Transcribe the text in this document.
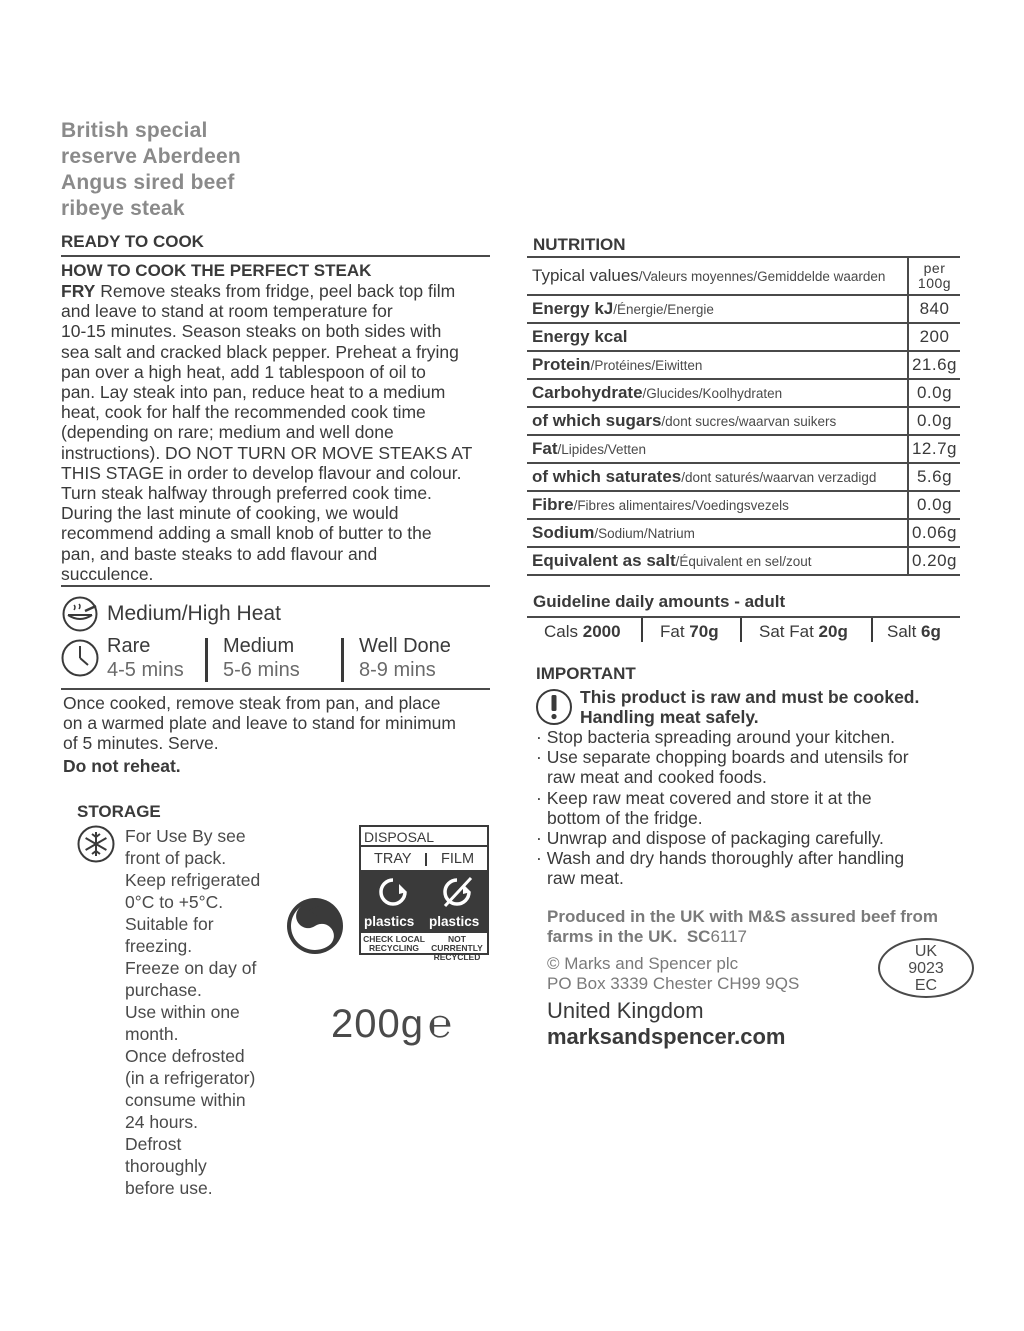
British special
reserve Aberdeen
Angus sired beef
ribeye steak
READY TO COOK
HOW TO COOK THE PERFECT STEAK
FRY Remove steaks from fridge, peel back top film
and leave to stand at room temperature for
10-15 minutes. Season steaks on both sides with
sea salt and cracked black pepper. Preheat a frying
pan over a high heat, add 1 tablespoon of oil to
pan. Lay steak into pan, reduce heat to a medium
heat, cook for half the recommended cook time
(depending on rare; medium and well done
instructions). DO NOT TURN OR MOVE STEAKS AT
THIS STAGE in order to develop flavour and colour.
Turn steak halfway through preferred cook time.
During the last minute of cooking, we would
recommend adding a small knob of butter to the
pan, and baste steaks to add flavour and
succulence.
Medium/High Heat
Rare
4-5 mins
Medium
5-6 mins
Well Done
8-9 mins
Once cooked, remove steak from pan, and place
on a warmed plate and leave to stand for minimum
of 5 minutes. Serve.
Do not reheat.
STORAGE
For Use By see
front of pack.
Keep refrigerated
0°C to +5°C.
Suitable for
freezing.
Freeze on day of
purchase.
Use within one
month.
Once defrosted
(in a refrigerator)
consume within
24 hours.
Defrost
thoroughly
before use.
DISPOSAL
TRAY FILM
plastics plastics
CHECK LOCAL
RECYCLING
NOT CURRENTLY
RECYCLED
200g ℮
NUTRITION
Typical values/Valeurs moyennes/Gemiddelde waarden	per
100g

Energy kJ/Énergie/Energie	840
Energy kcal	200
Protein/Protéines/Eiwitten	21.6g
Carbohydrate/Glucides/Koolhydraten	0.0g
of which sugars/dont sucres/waarvan suikers	0.0g
Fat/Lipides/Vetten	12.7g
of which saturates/dont saturés/waarvan verzadigd	5.6g
Fibre/Fibres alimentaires/Voedingsvezels	0.0g
Sodium/Sodium/Natrium	0.06g
Equivalent as salt/Équivalent en sel/zout	0.20g
Guideline daily amounts - adult
Cals 2000 Fat 70g Sat Fat 20g Salt 6g
IMPORTANT
This product is raw and must be cooked.
Handling meat safely.
· Stop bacteria spreading around your kitchen.
· Use separate chopping boards and utensils for
raw meat and cooked foods.
· Keep raw meat covered and store it at the
bottom of the fridge.
· Unwrap and dispose of packaging carefully.
· Wash and dry hands thoroughly after handling
raw meat.
Produced in the UK with M&S assured beef from
farms in the UK. SC6117
© Marks and Spencer plc
PO Box 3339 Chester CH99 9QS
United Kingdom
marksandspencer.com
UK
9023
EC
